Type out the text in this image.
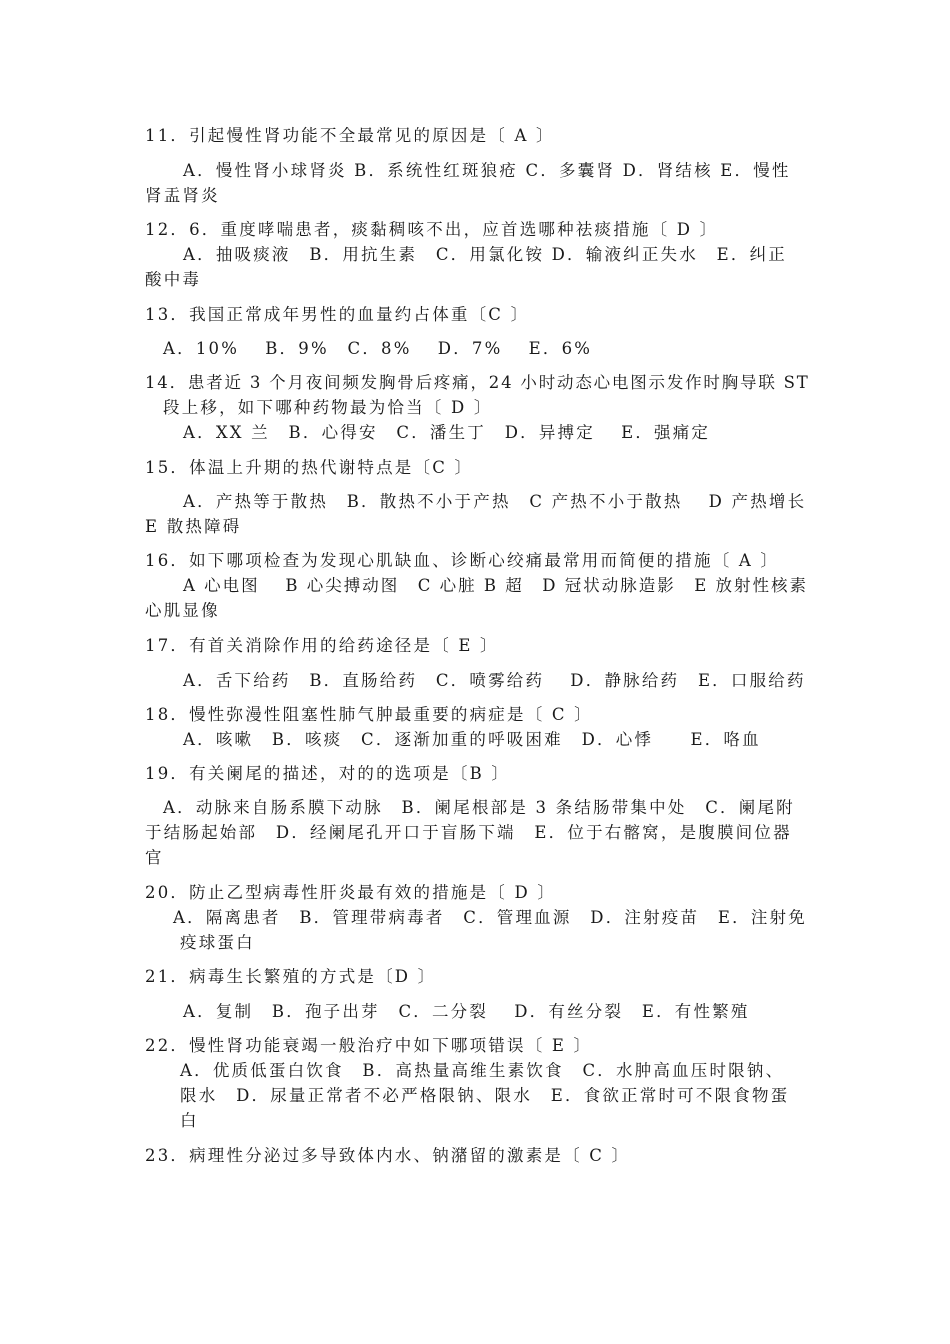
11．引起慢性肾功能不全最常见的原因是〔 A 〕
A．慢性肾小球肾炎 B．系统性红斑狼疮 C．多囊肾 D．肾结核 E．慢性
肾盂肾炎
12．6．重度哮喘患者，痰黏稠咳不出，应首选哪种祛痰措施〔 D 〕
A．抽吸痰液　B．用抗生素　C．用氯化铵 D．输液纠正失水　E．纠正
酸中毒
13．我国正常成年男性的血量约占体重〔C 〕
A．10%　 B．9%　C．8%　 D．7%　 E．6%
14．患者近 3 个月夜间频发胸骨后疼痛，24 小时动态心电图示发作时胸导联 ST
段上移，如下哪种药物最为恰当〔 D 〕
A．XX 兰　B．心得安　C．潘生丁　D．异搏定　 E．强痛定
15．体温上升期的热代谢特点是〔C 〕
A．产热等于散热　B．散热不小于产热　C 产热不小于散热　 D 产热增长
E 散热障碍
16．如下哪项检查为发现心肌缺血、诊断心绞痛最常用而简便的措施〔 A 〕
A 心电图　 B 心尖搏动图　C 心脏 B 超　D 冠状动脉造影　E 放射性核素
心肌显像
17．有首关消除作用的给药途径是〔 E 〕
A．舌下给药　B．直肠给药　C．喷雾给药　 D．静脉给药　E．口服给药
18．慢性弥漫性阻塞性肺气肿最重要的病症是〔 C 〕
A．咳嗽　B．咳痰　C．逐渐加重的呼吸困难　D．心悸　　E．咯血
19．有关阑尾的描述，对的的选项是〔B 〕
A．动脉来自肠系膜下动脉　B．阑尾根部是 3 条结肠带集中处　C．阑尾附
于结肠起始部　D．经阑尾孔开口于盲肠下端　E．位于右髂窝，是腹膜间位器
官
20．防止乙型病毒性肝炎最有效的措施是〔 D 〕
A．隔离患者　B．管理带病毒者　C．管理血源　D．注射疫苗　E．注射免
疫球蛋白
21．病毒生长繁殖的方式是〔D 〕
A．复制　B．孢子出芽　C．二分裂　 D．有丝分裂　E．有性繁殖
22．慢性肾功能衰竭一般治疗中如下哪项错误〔 E 〕
A．优质低蛋白饮食　B．高热量高维生素饮食　C．水肿高血压时限钠、
限水　D．尿量正常者不必严格限钠、限水　E．食欲正常时可不限食物蛋
白
23．病理性分泌过多导致体内水、钠潴留的激素是〔 C 〕
